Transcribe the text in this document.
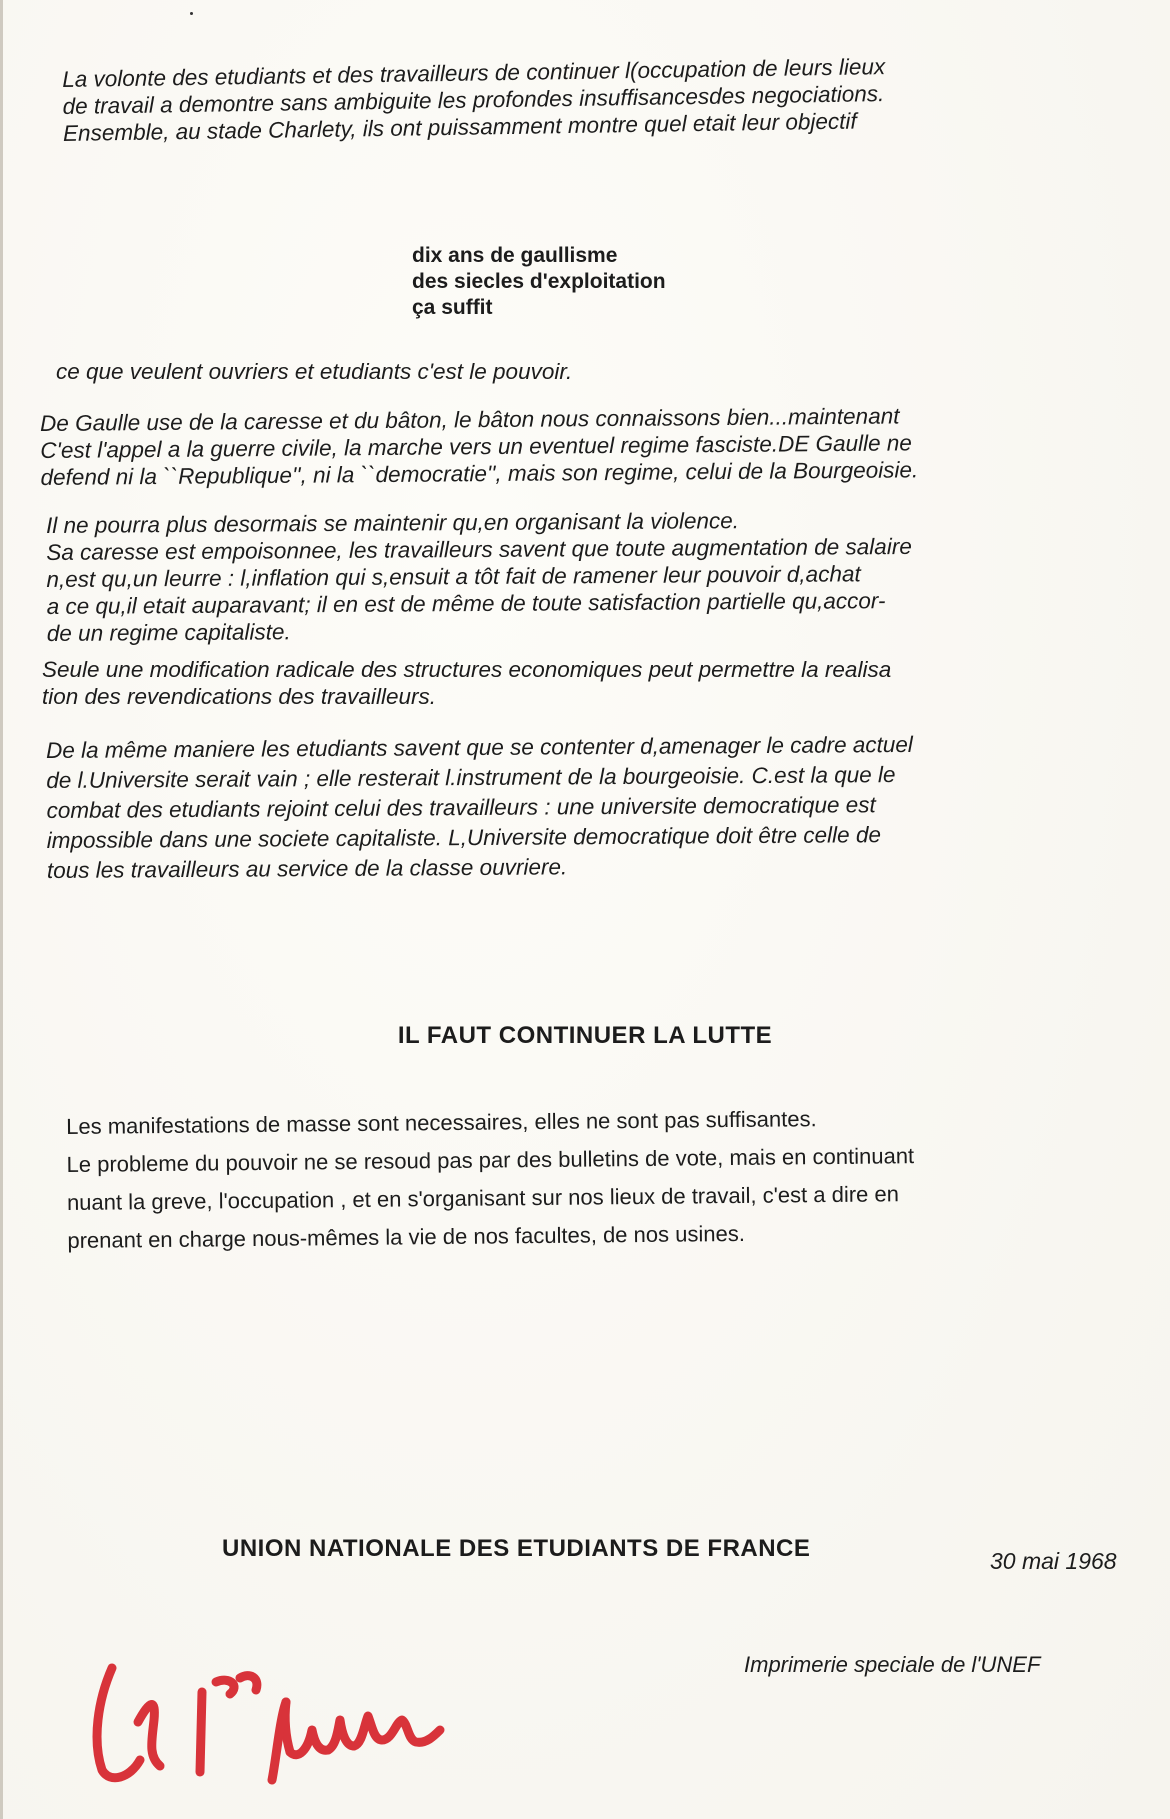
La volonte des etudiants et des travailleurs de continuer l(occupation de leurs lieux

de travail a demontre sans ambiguite les profondes insuffisancesdes negociations.

Ensemble, au stade Charlety, ils ont puissamment montre quel etait leur objectif

dix ans de gaullisme

des siecles d'exploitation

ça suffit

ce que veulent ouvriers et etudiants c'est le pouvoir.

De Gaulle use de la caresse et du bâton, le bâton nous connaissons bien...maintenant

C'est l'appel a la guerre civile, la marche vers un eventuel regime fasciste.DE Gaulle ne

defend ni la ``Republique'', ni la ``democratie'', mais son regime, celui de la Bourgeoisie.

Il ne pourra plus desormais se maintenir qu,en organisant la violence.

Sa caresse est empoisonnee, les travailleurs savent que toute augmentation de salaire

n,est qu,un leurre : l,inflation qui s,ensuit a tôt fait de ramener leur pouvoir d,achat

a ce qu,il etait auparavant; il en est de même de toute satisfaction partielle qu,accor-

de un regime capitaliste.

Seule une modification radicale des structures economiques peut permettre la realisa

tion des revendications des travailleurs.

De la même maniere les etudiants savent que se contenter d,amenager le cadre actuel

de l.Universite serait vain ; elle resterait l.instrument de la bourgeoisie. C.est la que le

combat des etudiants rejoint celui des travailleurs : une universite democratique est

impossible dans une societe capitaliste. L,Universite democratique doit être celle de

tous les travailleurs au service de la classe ouvriere.

IL FAUT CONTINUER LA LUTTE

Les manifestations de masse sont necessaires, elles ne sont pas suffisantes.

Le probleme du pouvoir ne se resoud pas par des bulletins de vote, mais en continuant

nuant la greve, l'occupation , et en s'organisant sur nos lieux de travail, c'est a dire en

prenant en charge nous-mêmes la vie de nos facultes, de nos usines.

UNION NATIONALE DES ETUDIANTS DE FRANCE	30 mai 1968
Imprimerie speciale de l'UNEF
